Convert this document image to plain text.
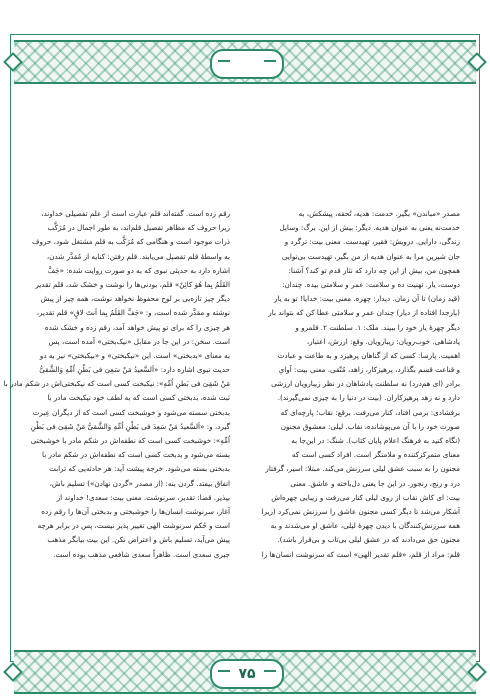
مصدر «مباندن» بگیر. خدمت: هدیه، تُحفه، پیشکش، به
خدمت‌نه یعنی به عنوان هدیه. دیگر: بیش از این. برگ: وسایل
زندگی، دارایی. درویش: فقیر، تهیدست. معنی بیت: ترگرد و
جان شیرین مرا به عنوان هدیه از من بگیر، تهیدست بی‌نوایی
همچون من، بیش از این چه دارد که نثار قدم تو کند؟ آشنا:
دوست، یار. تهنیت ده و سلامت: عمر و سلامتی بیده. چندان:
(قید زمان) تا آن زمان. دیدار: چهره. معنی بیت: خدایا! تو به یار
(یارجدا افتاده از دیار) چندان عمر و سلامتی عطا کن که بتواند بار
دیگر چهرهٔ یار خود را ببیند. ملک: ۱. سلطنت ۲. قلمرو و
پادشاهی. خوب‌رویان: زیبارویان. وقع: ارزش، اعتبار،
اهمیت. پارسا: کسی که از گناهان پرهیزد و به طاعت و عبادت
و قناعت قسم بگذارد، پرهیزکار، زاهد، مُتّقی. معنی بیت: آوایِ
برادر (ای هم‌درد) نه سلطنت پادشاهان در نظر زیبارویان ارزشی
دارد و نه زهد پرهیزکاران. (بیت در دنیا را به چیزی نمی‌گیرند).
برفشادی: برمی افتاد، کنار می‌رفت. برقع: نقاب؛ پارچه‌ای که
صورت خود را با آن می‌پوشانده، نقاب. لیلی: معشوق مجنون
(نگاه کنید به فرهنگ اعلام پایان کتاب). شنگ: در این‌جا به
معنای متمرکزکننده و ملامتگر است. افراد کسی است که
مجنون را به سبب عشق لیلی سرزنش می‌کند. مبتلا: اسیر، گرفتار
درد و رنج، رنجور. در این جا یعنی دل‌باخته و عاشق. معنی
بیت: ای کاش نقاب از روی لیلی کنار می‌رفت و زیبایی چهره‌اش
آشکار می‌شد تا دیگر کسی مجنون عاشق را سرزنش نمی‌کرد (زیرا
همه سرزنش‌کنندگان با دیدن چهرهٔ لیلی، عاشق او می‌شدند و به
مجنون حق می‌دادند که در عشق لیلی بی‌تاب و بی‌قرار باشد).
قلم: مراد از قلم، «قلم تقدیر الهی» است که سرنوشت انسان‌ها را
رقم زده است. گفته‌اند قلم عبارت است از علم تفصیلی خداوند،
زیرا حروف که مظاهر تفصیل قلم‌اند، به طور اجمال در مُرَکَّب
ذرات موجود است و هنگامی که مُرَکَّب به قلم مشتغل شود، حروف
به واسطهٔ قلم تفصیل می‌یابند. قلم رفتن: کنایه از مُقدَّر شدن،
اشاره دارد به حدیثی نبوی که به دو صورت روایت شده: «جَفَّ
القَلَمُ بِما هُوَ کائِنٌ» قلم، بودنی‌ها را نوشت و خشک شد، قلم تقدیر
دیگر چیز تازه‌یی بر لوح محفوظ نخواهد نوشت، همه چیز از پیش
نوشته و مقدَّر شده است، و: «جَفَّ القَلَمُ بِما اَنتَ لاقٍ» قلم تقدیر،
هر چیزی را که برای تو پیش خواهد آمد، رقم زده و خشک شده
است. سخن: در این جا در مقابل «نیک‌بختی» آمده است، پس
به معنای «بدبختی» است. این «نیکبختی» و «بیکبختی» نیز به دو
حدیث نبوی اشاره دارد: «اَلسَّعیدُ مَنْ سَعِیَ فی بَطْنِ اُمِّهِ وَالشَّقیُّ
مَنْ شَقِیَ فی بَطنِ اُمِّهِ»: نیکبخت کسی است که نیکبختی‌اش در شکم مادر با
ثبت شده، بدبختی کسی است که به لطف خود نیکبخت مادر با
بدبختی سسته می‌شود و خوشبخت کسی است که از دیگران عِبرت
گیرد، و: «اَلسَّعیدُ مَنْ سَعِدَ فی بَطْنِ اُمِّهِ وَالشَّقیُّ مَنْ شَقِیَ فی بَطْنِ
اُمِّهِ»: خوشبخت کسی است که نطفه‌اش در شکم مادر با خوشبختی
بسته می‌شود و بدبخت کسی است که نطفه‌اش در شکم مادر با
بدبختی بسته می‌شود. خرجه پیشت آید: هر حادثه‌یی که ترابت
اتفاق بیفتد. گردن بنه: (از مصدر «گردن نهادن») تسلیم باش،
بپذیر. قضا: تقدیر، سرنوشت. معنی بیت: سعدی! خداوند از
آغاز، سرنوشت انسان‌ها را خوشبختی و بدبختی آن‌ها را رقم زده
است و حُکم سرنوشت الهی تغییر پذیر نیست، پس در برابر هرچه
پیش می‌آید، تسلیم باش و اعتراض نکن. این بیت بیانگر مذهب
جبری سعدی است. ظاهراً سعدی شافعی مذهب بوده است.
۷۵
